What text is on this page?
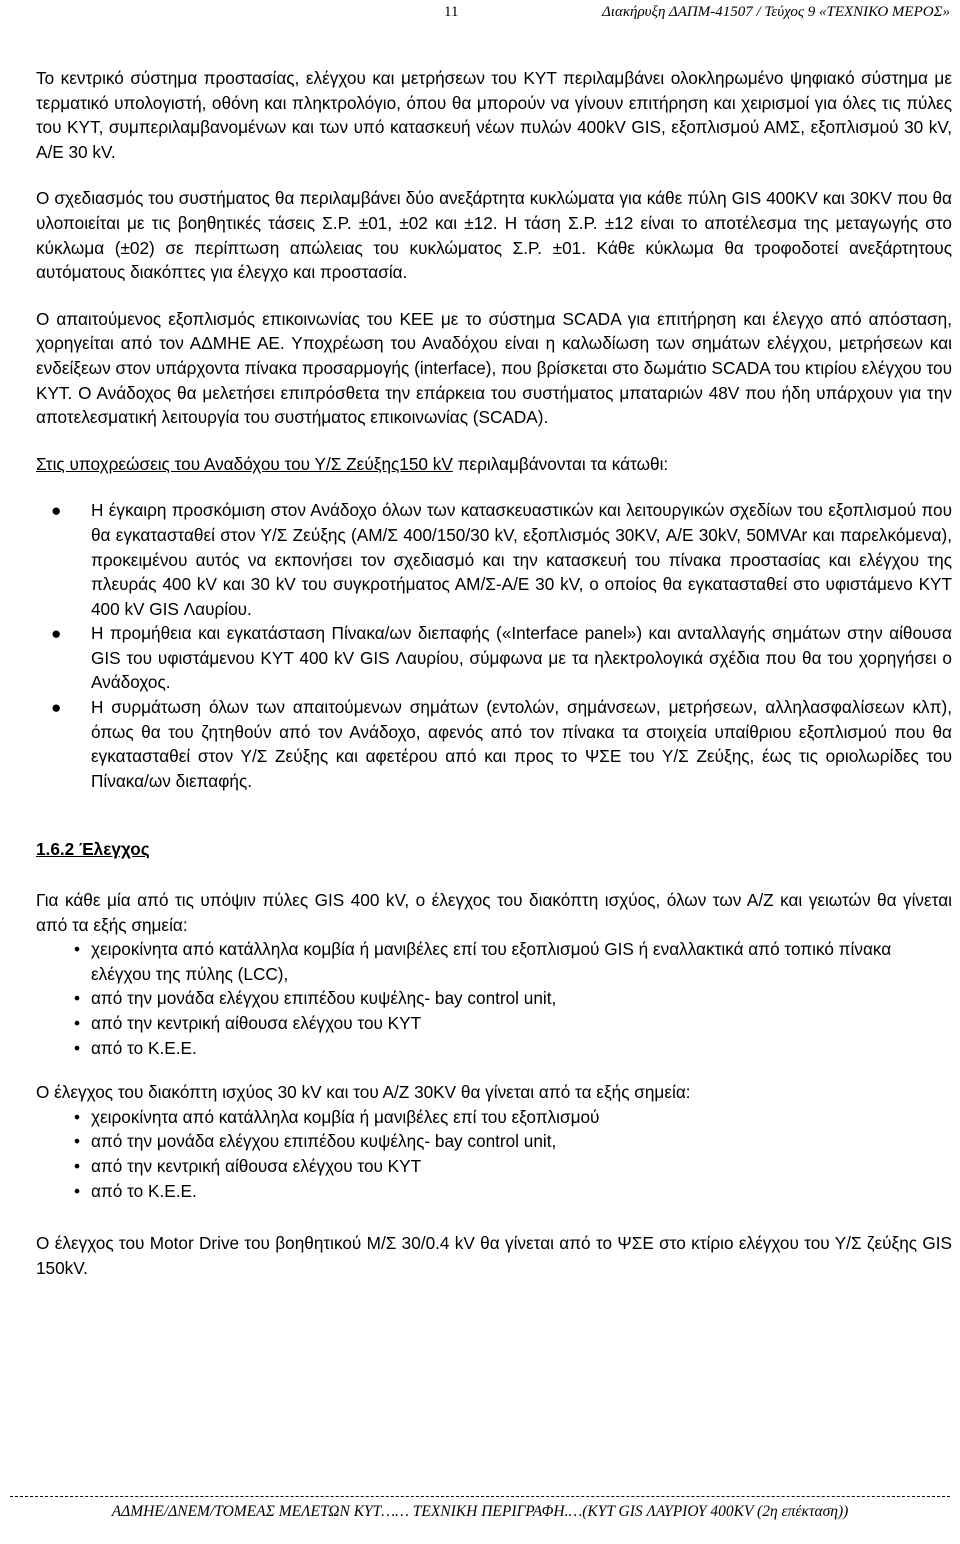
11	Διακήρυξη ΔΑΠΜ-41507 / Τεύχος 9 «ΤΕΧΝΙΚΟ ΜΕΡΟΣ»

Το κεντρικό σύστημα προστασίας, ελέγχου και μετρήσεων του ΚΥΤ περιλαμβάνει ολοκληρωμένο ψηφιακό σύστημα με τερματικό υπολογιστή, οθόνη και πληκτρολόγιο, όπου θα μπορούν να γίνουν επιτήρηση και χειρισμοί για όλες τις πύλες του ΚΥΤ, συμπεριλαμβανομένων και των υπό κατασκευή νέων πυλών 400kV GIS, εξοπλισμού ΑΜΣ, εξοπλισμού 30 kV, Α/Ε 30 kV.

Ο σχεδιασμός του συστήματος θα περιλαμβάνει δύο ανεξάρτητα κυκλώματα για κάθε πύλη GIS 400KV και 30KV που θα υλοποιείται με τις βοηθητικές τάσεις Σ.Ρ. ±01, ±02 και ±12. Η τάση Σ.Ρ. ±12 είναι το αποτέλεσμα της μεταγωγής στο κύκλωμα (±02) σε περίπτωση απώλειας του κυκλώματος Σ.Ρ. ±01. Κάθε κύκλωμα θα τροφοδοτεί ανεξάρτητους αυτόματους διακόπτες για έλεγχο και προστασία.

Ο απαιτούμενος εξοπλισμός επικοινωνίας του ΚΕΕ με το σύστημα SCADA για επιτήρηση και έλεγχο από απόσταση, χορηγείται από τον ΑΔΜΗΕ ΑΕ. Υποχρέωση του Αναδόχου είναι η καλωδίωση των σημάτων ελέγχου, μετρήσεων και ενδείξεων στον υπάρχοντα πίνακα προσαρμογής (interface), που βρίσκεται στο δωμάτιο SCADA του κτιρίου ελέγχου του ΚΥΤ. Ο Ανάδοχος θα μελετήσει επιπρόσθετα την επάρκεια του συστήματος μπαταριών 48V που ήδη υπάρχουν για την αποτελεσματική λειτουργία του συστήματος επικοινωνίας (SCADA).

Στις υποχρεώσεις του Αναδόχου του Υ/Σ Ζεύξης150 kV περιλαμβάνονται τα κάτωθι:

● Η έγκαιρη προσκόμιση στον Ανάδοχο όλων των κατασκευαστικών και λειτουργικών σχεδίων του εξοπλισμού που θα εγκατασταθεί στον Υ/Σ Ζεύξης (ΑΜ/Σ 400/150/30 kV, εξοπλισμός 30KV, Α/Ε 30kV, 50MVAr και παρελκόμενα), προκειμένου αυτός να εκπονήσει τον σχεδιασμό και την κατασκευή του πίνακα προστασίας και ελέγχου της πλευράς 400 kV και 30 kV του συγκροτήματος ΑΜ/Σ-Α/Ε 30 kV, ο οποίος θα εγκατασταθεί στο υφιστάμενο ΚΥΤ 400 kV GIS Λαυρίου.
● Η προμήθεια και εγκατάσταση Πίνακα/ων διεπαφής («Interface panel») και ανταλλαγής σημάτων στην αίθουσα GIS του υφιστάμενου ΚΥΤ 400 kV GIS Λαυρίου, σύμφωνα με τα ηλεκτρολογικά σχέδια που θα του χορηγήσει ο Ανάδοχος.
● Η συρμάτωση όλων των απαιτούμενων σημάτων (εντολών, σημάνσεων, μετρήσεων, αλληλασφαλίσεων κλπ), όπως θα του ζητηθούν από τον Ανάδοχο, αφενός από τον πίνακα τα στοιχεία υπαίθριου εξοπλισμού που θα εγκατασταθεί στον Υ/Σ Ζεύξης και αφετέρου από και προς το ΨΣΕ του Υ/Σ Ζεύξης, έως τις οριολωρίδες του Πίνακα/ων διεπαφής.

1.6.2 Έλεγχος

Για κάθε μία από τις υπόψιν πύλες GIS 400 kV, ο έλεγχος του διακόπτη ισχύος, όλων των Α/Ζ και γειωτών θα γίνεται από τα εξής σημεία:

• χειροκίνητα από κατάλληλα κομβία ή μανιβέλες επί του εξοπλισμού GIS ή εναλλακτικά από τοπικό πίνακα ελέγχου της πύλης (LCC),
• από την μονάδα ελέγχου επιπέδου κυψέλης- bay control unit,
• από την κεντρική αίθουσα ελέγχου του ΚΥΤ
• από το Κ.Ε.Ε.

Ο έλεγχος του διακόπτη ισχύος 30 kV και του Α/Ζ 30KV θα γίνεται από τα εξής σημεία:

• χειροκίνητα από κατάλληλα κομβία ή μανιβέλες επί του εξοπλισμού
• από την μονάδα ελέγχου επιπέδου κυψέλης- bay control unit,
• από την κεντρική αίθουσα ελέγχου του ΚΥΤ
• από το Κ.Ε.Ε.

Ο έλεγχος του Motor Drive του βοηθητικού Μ/Σ 30/0.4 kV θα γίνεται από το ΨΣΕ στο κτίριο ελέγχου του Υ/Σ ζεύξης GIS 150kV.

ΑΔΜΗΕ/ΔΝΕΜ/ΤΟΜΕΑΣ ΜΕΛΕΤΩΝ ΚΥΤ…… ΤΕΧΝΙΚΗ ΠΕΡΙΓΡΑΦΗ.…(ΚΥΤ GIS ΛΑΥΡΙΟΥ 400KV (2η επέκταση))
